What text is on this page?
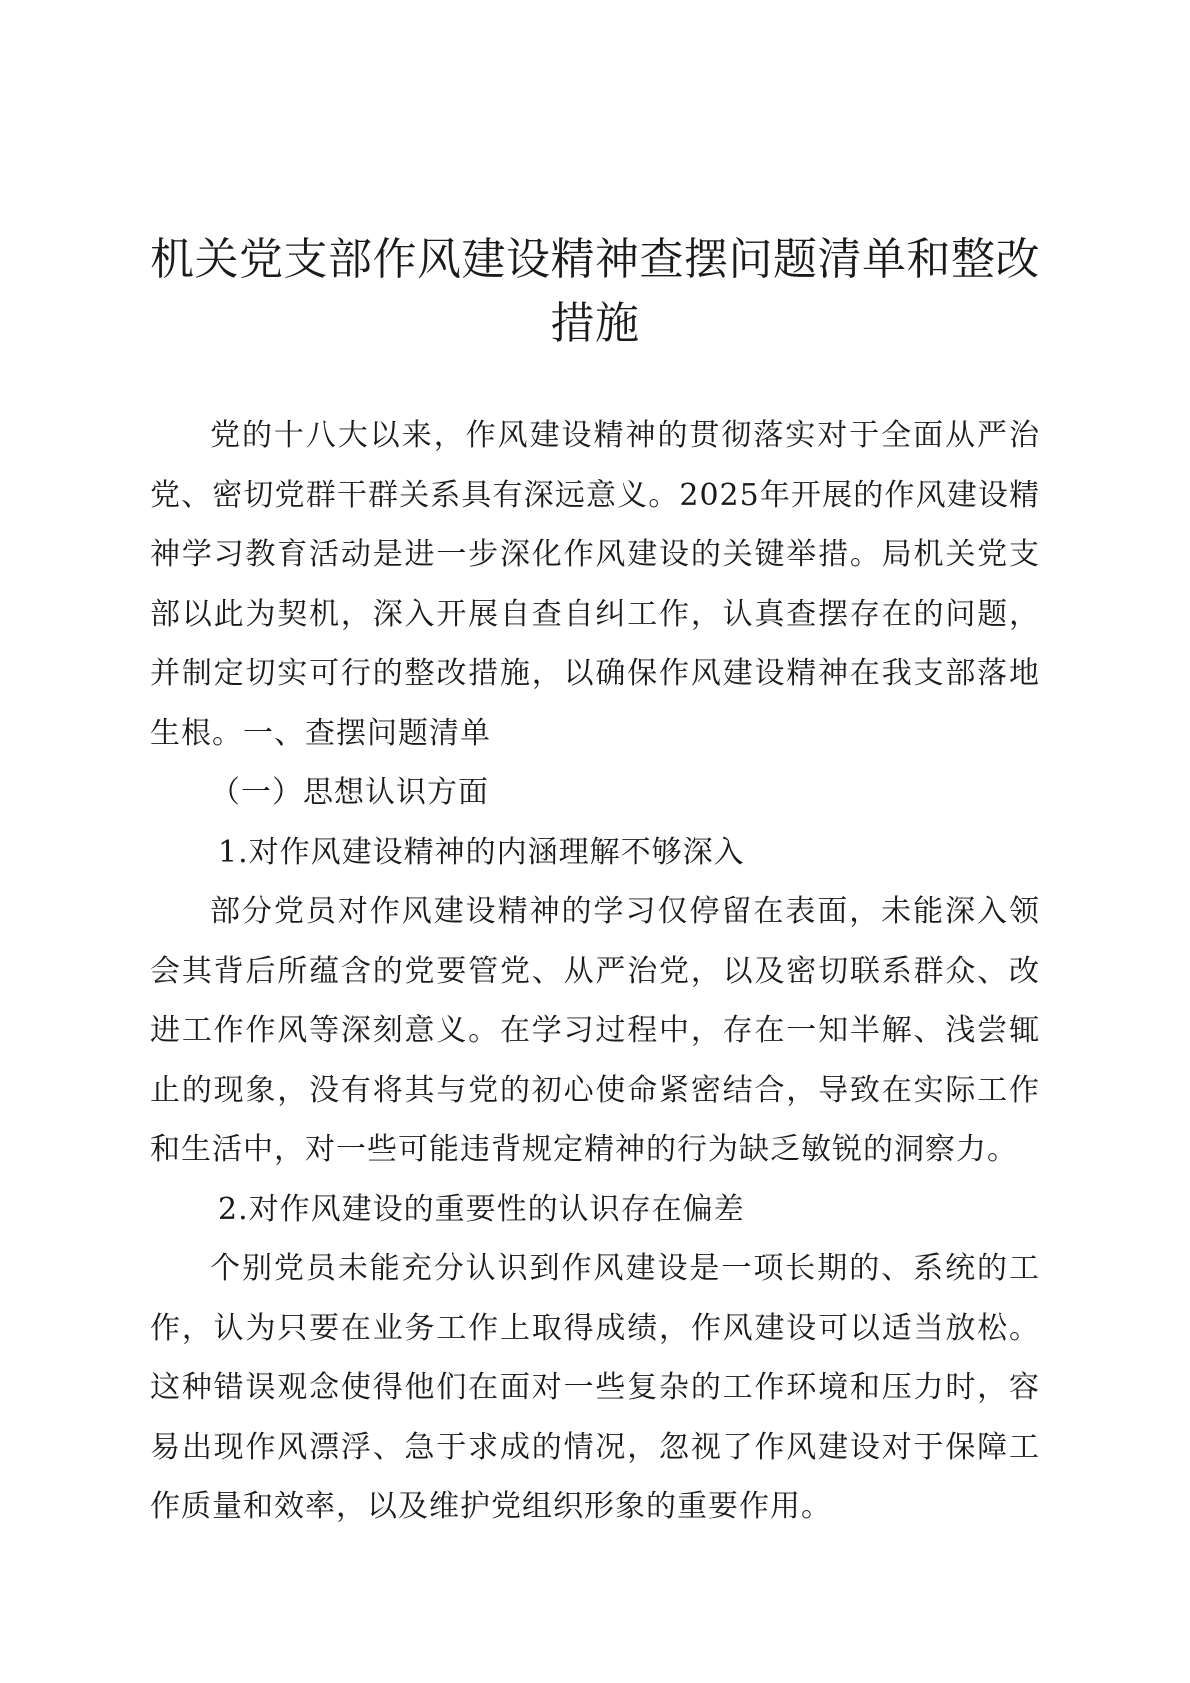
机关党支部作风建设精神查摆问题清单和整改
措施

党的十八大以来，作风建设精神的贯彻落实对于全面从严治党、密切党群干群关系具有深远意义。2025年开展的作风建设精神学习教育活动是进一步深化作风建设的关键举措。局机关党支部以此为契机，深入开展自查自纠工作，认真查摆存在的问题，并制定切实可行的整改措施，以确保作风建设精神在我支部落地生根。一、查摆问题清单

（一）思想认识方面

1.对作风建设精神的内涵理解不够深入

部分党员对作风建设精神的学习仅停留在表面，未能深入领会其背后所蕴含的党要管党、从严治党，以及密切联系群众、改进工作作风等深刻意义。在学习过程中，存在一知半解、浅尝辄止的现象，没有将其与党的初心使命紧密结合，导致在实际工作和生活中，对一些可能违背规定精神的行为缺乏敏锐的洞察力。

2.对作风建设的重要性的认识存在偏差

个别党员未能充分认识到作风建设是一项长期的、系统的工作，认为只要在业务工作上取得成绩，作风建设可以适当放松。这种错误观念使得他们在面对一些复杂的工作环境和压力时，容易出现作风漂浮、急于求成的情况，忽视了作风建设对于保障工作质量和效率，以及维护党组织形象的重要作用。
